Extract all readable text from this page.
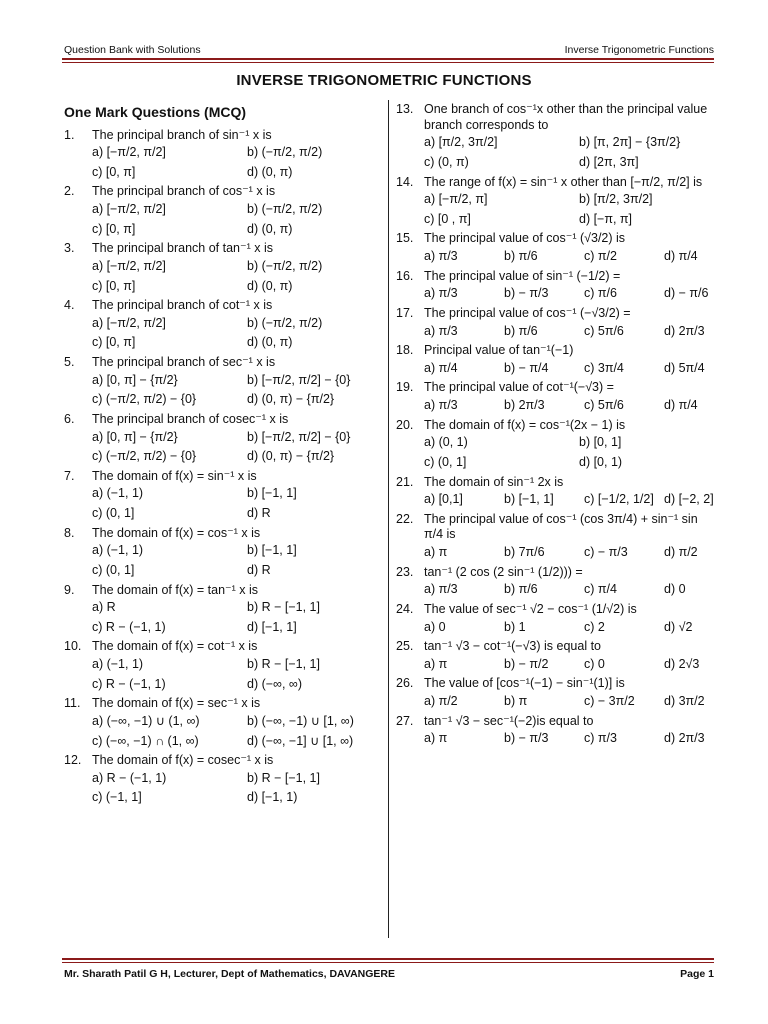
Question Bank with Solutions	Inverse Trigonometric Functions
INVERSE TRIGONOMETRIC FUNCTIONS
One Mark Questions (MCQ)
1. The principal branch of sin⁻¹ x is
a) [−π/2, π/2]	b) (−π/2, π/2)
c) [0, π]	d) (0, π)
2. The principal branch of cos⁻¹ x is
a) [−π/2, π/2]	b) (−π/2, π/2)
c) [0, π]	d) (0, π)
3. The principal branch of tan⁻¹ x is
a) [−π/2, π/2]	b) (−π/2, π/2)
c) [0, π]	d) (0, π)
4. The principal branch of cot⁻¹ x is
a) [−π/2, π/2]	b) (−π/2, π/2)
c) [0, π]	d) (0, π)
5. The principal branch of sec⁻¹ x is
a) [0, π] − {π/2}	b) [−π/2, π/2] − {0}
c) (−π/2, π/2) − {0}	d) (0, π) − {π/2}
6. The principal branch of cosec⁻¹ x is
a) [0, π] − {π/2}	b) [−π/2, π/2] − {0}
c) (−π/2, π/2) − {0}	d) (0, π) − {π/2}
7. The domain of f(x) = sin⁻¹ x is
a) (−1, 1)	b) [−1, 1]
c) (0, 1]	d) R
8. The domain of f(x) = cos⁻¹ x is
a) (−1, 1)	b) [−1, 1]
c) (0, 1]	d) R
9. The domain of f(x) = tan⁻¹ x is
a) R	b) R − [−1, 1]
c) R − (−1, 1)	d) [−1, 1]
10. The domain of f(x) = cot⁻¹ x is
a) (−1, 1)	b) R − [−1, 1]
c) R − (−1, 1)	d) (−∞, ∞)
11. The domain of f(x) = sec⁻¹ x is
a) (−∞, −1) ∪ (1, ∞)	b) (−∞, −1) ∪ [1, ∞)
c) (−∞, −1) ∩ (1, ∞)	d) (−∞, −1] ∪ [1, ∞)
12. The domain of f(x) = cosec⁻¹ x is
a) R − (−1, 1)	b) R − [−1, 1]
c) (−1, 1]	d) [−1, 1)
13. One branch of cos⁻¹x other than the principal value branch corresponds to
a) [π/2, 3π/2]	b) [π, 2π] − {3π/2}
c) (0, π)	d) [2π, 3π]
14. The range of f(x) = sin⁻¹ x other than [−π/2, π/2] is
a) [−π/2, π]	b) [π/2, 3π/2]
c) [0 , π]	d) [−π, π]
15. The principal value of cos⁻¹ (√3/2) is
a) π/3	b) π/6	c) π/2	d) π/4
16. The principal value of sin⁻¹ (−1/2) =
a) π/3	b) − π/3	c) π/6	d) − π/6
17. The principal value of cos⁻¹ (−√3/2) =
a) π/3	b) π/6	c) 5π/6	d) 2π/3
18. Principal value of tan⁻¹(−1)
a) π/4	b) − π/4	c) 3π/4	d) 5π/4
19. The principal value of cot⁻¹(−√3) =
a) π/3	b) 2π/3	c) 5π/6	d) π/4
20. The domain of f(x) = cos⁻¹(2x − 1) is
a) (0, 1)	b) [0, 1]
c) (0, 1]	d) [0, 1)
21. The domain of sin⁻¹ 2x is
a) [0,1]	b) [−1, 1]	c) [−1/2, 1/2] d) [−2, 2]
22. The principal value of cos⁻¹ (cos 3π/4) + sin⁻¹ sin π/4 is
a) π	b) 7π/6	c) − π/3	d) π/2
23. tan⁻¹ (2 cos (2 sin⁻¹ (1/2))) =
a) π/3	b) π/6	c) π/4	d) 0
24. The value of sec⁻¹ √2 − cos⁻¹ (1/√2) is
a) 0	b) 1	c) 2	d) √2
25. tan⁻¹ √3 − cot⁻¹(−√3) is equal to
a) π	b) − π/2	c) 0	d) 2√3
26. The value of [cos⁻¹(−1) − sin⁻¹(1)] is
a) π/2	b) π	c) − 3π/2	d) 3π/2
27. tan⁻¹ √3 − sec⁻¹(−2)is equal to
a) π	b) − π/3	c) π/3	d) 2π/3
Mr. Sharath Patil G H, Lecturer, Dept of Mathematics, DAVANGERE	Page 1
